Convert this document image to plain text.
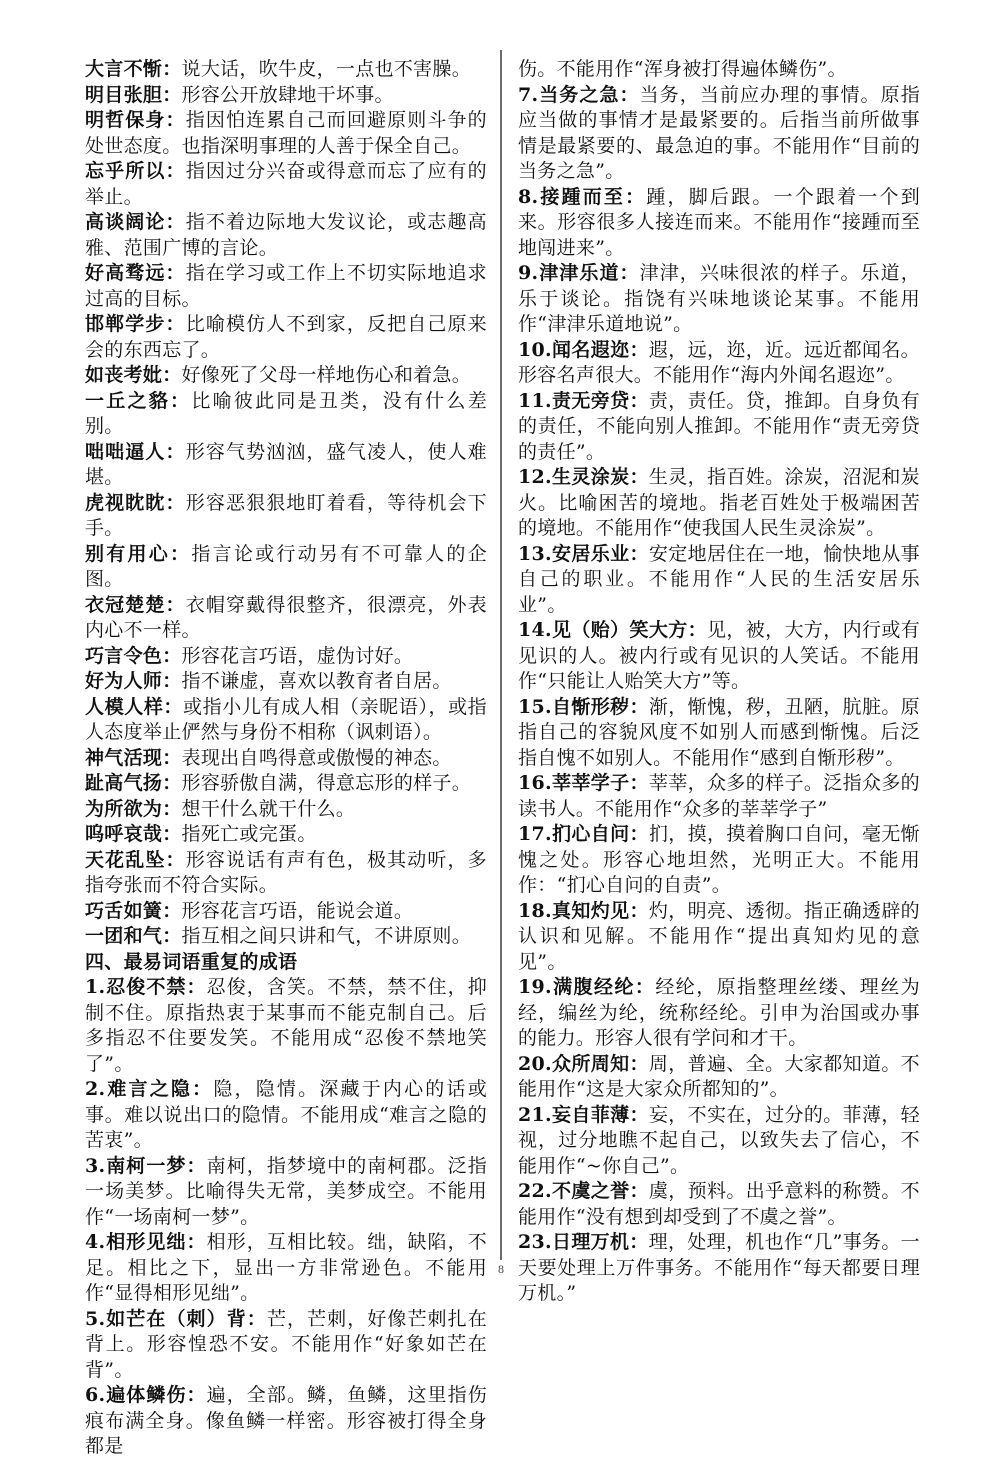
大言不惭：说大话，吹牛皮，一点也不害臊。

明目张胆：形容公开放肆地干坏事。

明哲保身：指因怕连累自己而回避原则斗争的处世态度。也指深明事理的人善于保全自己。

忘乎所以：指因过分兴奋或得意而忘了应有的举止。

高谈阔论：指不着边际地大发议论，或志趣高雅、范围广博的言论。

好高骛远：指在学习或工作上不切实际地追求过高的目标。

邯郸学步：比喻模仿人不到家，反把自己原来会的东西忘了。

如丧考妣：好像死了父母一样地伤心和着急。

一丘之貉：比喻彼此同是丑类，没有什么差别。

咄咄逼人：形容气势汹汹，盛气凌人，使人难堪。

虎视眈眈：形容恶狠狠地盯着看，等待机会下手。

别有用心：指言论或行动另有不可靠人的企图。

衣冠楚楚：衣帽穿戴得很整齐，很漂亮，外表内心不一样。

巧言令色：形容花言巧语，虚伪讨好。

好为人师：指不谦虚，喜欢以教育者自居。

人模人样：或指小儿有成人相（亲昵语），或指人态度举止俨然与身份不相称（讽刺语）。

神气活现：表现出自鸣得意或傲慢的神态。

趾高气扬：形容骄傲自满，得意忘形的样子。

为所欲为：想干什么就干什么。

呜呼哀哉：指死亡或完蛋。

天花乱坠：形容说话有声有色，极其动听，多指夸张而不符合实际。

巧舌如簧：形容花言巧语，能说会道。

一团和气：指互相之间只讲和气，不讲原则。

四、最易词语重复的成语

1.忍俊不禁：忍俊，含笑。不禁，禁不住，抑制不住。原指热衷于某事而不能克制自己。后多指忍不住要发笑。不能用成“忍俊不禁地笑了”。

2.难言之隐：隐，隐情。深藏于内心的话或事。难以说出口的隐情。不能用成“难言之隐的苦衷”。

3.南柯一梦：南柯，指梦境中的南柯郡。泛指一场美梦。比喻得失无常，美梦成空。不能用作“一场南柯一梦”。

4.相形见绌：相形，互相比较。绌，缺陷，不足。相比之下，显出一方非常逊色。不能用作“显得相形见绌”。

5.如芒在（刺）背：芒，芒刺，好像芒刺扎在背上。形容惶恐不安。不能用作“好象如芒在背”。

6.遍体鳞伤：遍，全部。鳞，鱼鳞，这里指伤痕布满全身。像鱼鳞一样密。形容被打得全身都是

伤。不能用作“浑身被打得遍体鳞伤”。

7.当务之急：当务，当前应办理的事情。原指应当做的事情才是最紧要的。后指当前所做事情是最紧要的、最急迫的事。不能用作“目前的当务之急”。

8.接踵而至：踵，脚后跟。一个跟着一个到来。形容很多人接连而来。不能用作“接踵而至地闯进来”。

9.津津乐道：津津，兴味很浓的样子。乐道，乐于谈论。指饶有兴味地谈论某事。不能用作“津津乐道地说”。

10.闻名遐迩：遐，远，迩，近。远近都闻名。形容名声很大。不能用作“海内外闻名遐迩”。

11.责无旁贷：责，责任。贷，推卸。自身负有的责任，不能向别人推卸。不能用作“责无旁贷的责任”。

12.生灵涂炭：生灵，指百姓。涂炭，沼泥和炭火。比喻困苦的境地。指老百姓处于极端困苦的境地。不能用作“使我国人民生灵涂炭”。

13.安居乐业：安定地居住在一地，愉快地从事自己的职业。不能用作“人民的生活安居乐业”。

14.见（贻）笑大方：见，被，大方，内行或有见识的人。被内行或有见识的人笑话。不能用作“只能让人贻笑大方”等。

15.自惭形秽：渐，惭愧，秽，丑陋，肮脏。原指自己的容貌风度不如别人而感到惭愧。后泛指自愧不如别人。不能用作“感到自惭形秽”。

16.莘莘学子：莘莘，众多的样子。泛指众多的读书人。不能用作“众多的莘莘学子”

17.扪心自问：扪，摸，摸着胸口自问，毫无惭愧之处。形容心地坦然，光明正大。不能用作：“扪心自问的自责”。

18.真知灼见：灼，明亮、透彻。指正确透辟的认识和见解。不能用作“提出真知灼见的意见”。

19.满腹经纶：经纶，原指整理丝缕、理丝为经，编丝为纶，统称经纶。引申为治国或办事的能力。形容人很有学问和才干。

20.众所周知：周，普遍、全。大家都知道。不能用作“这是大家众所都知的”。

21.妄自菲薄：妄，不实在，过分的。菲薄，轻视，过分地瞧不起自己，以致失去了信心，不能用作“~你自己”。

22.不虞之誉：虞，预料。出乎意料的称赞。不能用作“没有想到却受到了不虞之誉”。

23.日理万机：理，处理，机也作“几”事务。一天要处理上万件事务。不能用作“每天都要日理万机。”

8
